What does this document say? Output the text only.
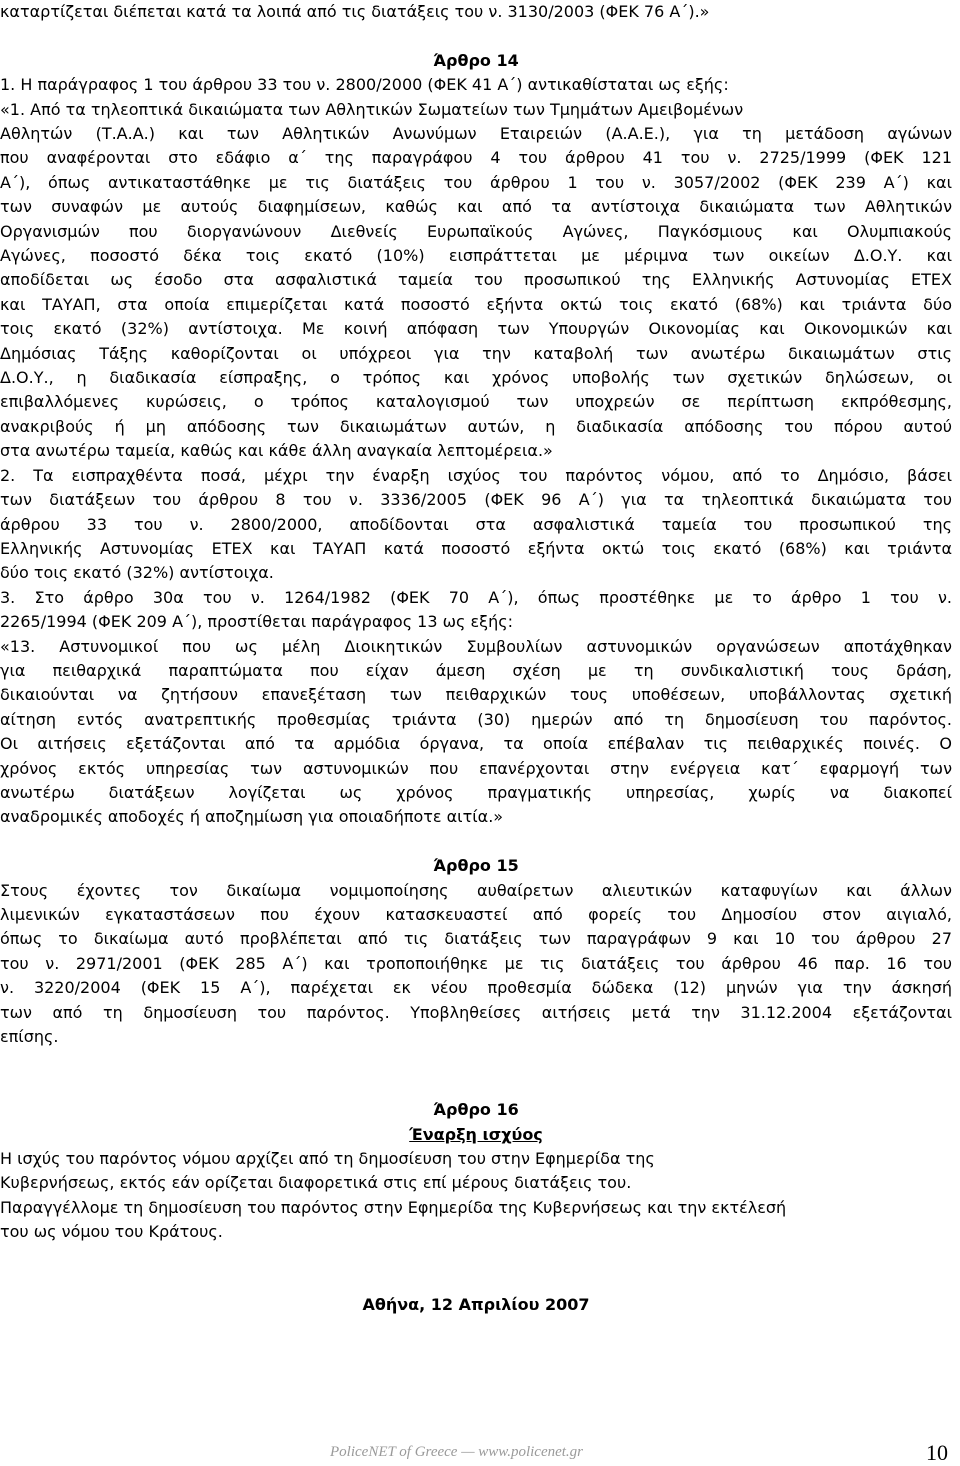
καταρτίζεται διέπεται κατά τα λοιπά από τις διατάξεις του ν. 3130/2003 (ΦΕΚ 76 Α΄).»
Άρθρο 14
1. Η παράγραφος 1 του άρθρου 33 του ν. 2800/2000 (ΦΕΚ 41 Α΄) αντικαθίσταται ως εξής:
«1. Από τα τηλεοπτικά δικαιώματα των Αθλητικών Σωματείων των Τμημάτων Αμειβομένων
Αθλητών (Τ.Α.Α.) και των Αθλητικών Ανωνύμων Εταιρειών (Α.Α.Ε.), για τη μετάδοση αγώνων
που αναφέρονται στο εδάφιο α΄ της παραγράφου 4 του άρθρου 41 του ν. 2725/1999 (ΦΕΚ 121
Α΄), όπως αντικαταστάθηκε με τις διατάξεις του άρθρου 1 του ν. 3057/2002 (ΦΕΚ 239 Α΄) και
των συναφών με αυτούς διαφημίσεων, καθώς και από τα αντίστοιχα δικαιώματα των Αθλητικών
Οργανισμών που διοργανώνουν Διεθνείς Ευρωπαϊκούς Αγώνες, Παγκόσμιους και Ολυμπιακούς
Αγώνες, ποσοστό δέκα τοις εκατό (10%) εισπράττεται με μέριμνα των οικείων Δ.Ο.Υ. και
αποδίδεται ως έσοδο στα ασφαλιστικά ταμεία του προσωπικού της Ελληνικής Αστυνομίας ΕΤΕΧ
και ΤΑΥΑΠ, στα οποία επιμερίζεται κατά ποσοστό εξήντα οκτώ τοις εκατό (68%) και τριάντα δύο
τοις εκατό (32%) αντίστοιχα. Με κοινή απόφαση των Υπουργών Οικονομίας και Οικονομικών και
Δημόσιας Τάξης καθορίζονται οι υπόχρεοι για την καταβολή των ανωτέρω δικαιωμάτων στις
Δ.Ο.Υ., η διαδικασία είσπραξης, ο τρόπος και χρόνος υποβολής των σχετικών δηλώσεων, οι
επιβαλλόμενες κυρώσεις, ο τρόπος καταλογισμού των υποχρεών σε περίπτωση εκπρόθεσμης,
ανακριβούς ή μη απόδοσης των δικαιωμάτων αυτών, η διαδικασία απόδοσης του πόρου αυτού
στα ανωτέρω ταμεία, καθώς και κάθε άλλη αναγκαία λεπτομέρεια.»
2. Τα εισπραχθέντα ποσά, μέχρι την έναρξη ισχύος του παρόντος νόμου, από το Δημόσιο, βάσει
των διατάξεων του άρθρου 8 του ν. 3336/2005 (ΦΕΚ 96 Α΄) για τα τηλεοπτικά δικαιώματα του
άρθρου 33 του ν. 2800/2000, αποδίδονται στα ασφαλιστικά ταμεία του προσωπικού της
Ελληνικής Αστυνομίας ΕΤΕΧ και ΤΑΥΑΠ κατά ποσοστό εξήντα οκτώ τοις εκατό (68%) και τριάντα
δύο τοις εκατό (32%) αντίστοιχα.
3. Στο άρθρο 30α του ν. 1264/1982 (ΦΕΚ 70 Α΄), όπως προστέθηκε με το άρθρο 1 του ν.
2265/1994 (ΦΕΚ 209 Α΄), προστίθεται παράγραφος 13 ως εξής:
«13. Αστυνομικοί που ως μέλη Διοικητικών Συμβουλίων αστυνομικών οργανώσεων αποτάχθηκαν
για πειθαρχικά παραπτώματα που είχαν άμεση σχέση με τη συνδικαλιστική τους δράση,
δικαιούνται να ζητήσουν επανεξέταση των πειθαρχικών τους υποθέσεων, υποβάλλοντας σχετική
αίτηση εντός ανατρεπτικής προθεσμίας τριάντα (30) ημερών από τη δημοσίευση του παρόντος.
Οι αιτήσεις εξετάζονται από τα αρμόδια όργανα, τα οποία επέβαλαν τις πειθαρχικές ποινές. Ο
χρόνος εκτός υπηρεσίας των αστυνομικών που επανέρχονται στην ενέργεια κατ΄ εφαρμογή των
ανωτέρω διατάξεων λογίζεται ως χρόνος πραγματικής υπηρεσίας, χωρίς να διακοπεί
αναδρομικές αποδοχές ή αποζημίωση για οποιαδήποτε αιτία.»
Άρθρο 15
Στους έχοντες τον δικαίωμα νομιμοποίησης αυθαίρετων αλιευτικών καταφυγίων και άλλων
λιμενικών εγκαταστάσεων που έχουν κατασκευαστεί από φορείς του Δημοσίου στον αιγιαλό,
όπως το δικαίωμα αυτό προβλέπεται από τις διατάξεις των παραγράφων 9 και 10 του άρθρου 27
του ν. 2971/2001 (ΦΕΚ 285 Α΄) και τροποποιήθηκε με τις διατάξεις του άρθρου 46 παρ. 16 του
ν. 3220/2004 (ΦΕΚ 15 Α΄), παρέχεται εκ νέου προθεσμία δώδεκα (12) μηνών για την άσκησή
των από τη δημοσίευση του παρόντος. Υποβληθείσες αιτήσεις μετά την 31.12.2004 εξετάζονται
επίσης.
Άρθρο 16
Έναρξη ισχύος
Η ισχύς του παρόντος νόμου αρχίζει από τη δημοσίευση του στην Εφημερίδα της
Κυβερνήσεως, εκτός εάν ορίζεται διαφορετικά στις επί μέρους διατάξεις του.
Παραγγέλλομε τη δημοσίευση του παρόντος στην Εφημερίδα της Κυβερνήσεως και την εκτέλεσή
του ως νόμου του Κράτους.
Αθήνα, 12 Απριλίου 2007
PoliceNET of Greece — www.policenet.gr	10
